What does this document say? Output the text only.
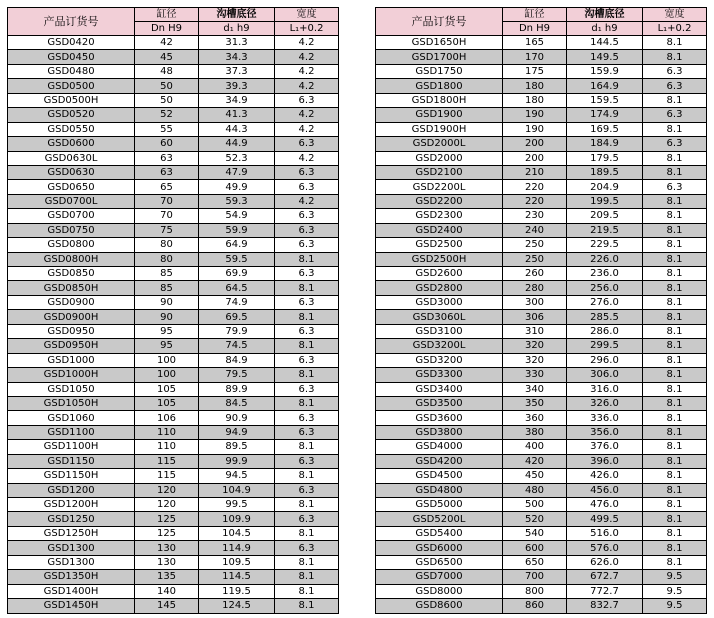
产品订货号	缸径	沟槽底径	宽度
	Dn H9	d₁ h9	L₁+0.2
GSD0420	42	31.3	4.2
GSD0450	45	34.3	4.2
GSD0480	48	37.3	4.2
GSD0500	50	39.3	4.2
GSD0500H	50	34.9	6.3
GSD0520	52	41.3	4.2
GSD0550	55	44.3	4.2
GSD0600	60	44.9	6.3
GSD0630L	63	52.3	4.2
GSD0630	63	47.9	6.3
GSD0650	65	49.9	6.3
GSD0700L	70	59.3	4.2
GSD0700	70	54.9	6.3
GSD0750	75	59.9	6.3
GSD0800	80	64.9	6.3
GSD0800H	80	59.5	8.1
GSD0850	85	69.9	6.3
GSD0850H	85	64.5	8.1
GSD0900	90	74.9	6.3
GSD0900H	90	69.5	8.1
GSD0950	95	79.9	6.3
GSD0950H	95	74.5	8.1
GSD1000	100	84.9	6.3
GSD1000H	100	79.5	8.1
GSD1050	105	89.9	6.3
GSD1050H	105	84.5	8.1
GSD1060	106	90.9	6.3
GSD1100	110	94.9	6.3
GSD1100H	110	89.5	8.1
GSD1150	115	99.9	6.3
GSD1150H	115	94.5	8.1
GSD1200	120	104.9	6.3
GSD1200H	120	99.5	8.1
GSD1250	125	109.9	6.3
GSD1250H	125	104.5	8.1
GSD1300	130	114.9	6.3
GSD1300	130	109.5	8.1
GSD1350H	135	114.5	8.1
GSD1400H	140	119.5	8.1
GSD1450H	145	124.5	8.1
产品订货号	缸径	沟槽底径	宽度
	Dn H9	d₁ h9	L₁+0.2
GSD1650H	165	144.5	8.1
GSD1700H	170	149.5	8.1
GSD1750	175	159.9	6.3
GSD1800	180	164.9	6.3
GSD1800H	180	159.5	8.1
GSD1900	190	174.9	6.3
GSD1900H	190	169.5	8.1
GSD2000L	200	184.9	6.3
GSD2000	200	179.5	8.1
GSD2100	210	189.5	8.1
GSD2200L	220	204.9	6.3
GSD2200	220	199.5	8.1
GSD2300	230	209.5	8.1
GSD2400	240	219.5	8.1
GSD2500	250	229.5	8.1
GSD2500H	250	226.0	8.1
GSD2600	260	236.0	8.1
GSD2800	280	256.0	8.1
GSD3000	300	276.0	8.1
GSD3060L	306	285.5	8.1
GSD3100	310	286.0	8.1
GSD3200L	320	299.5	8.1
GSD3200	320	296.0	8.1
GSD3300	330	306.0	8.1
GSD3400	340	316.0	8.1
GSD3500	350	326.0	8.1
GSD3600	360	336.0	8.1
GSD3800	380	356.0	8.1
GSD4000	400	376.0	8.1
GSD4200	420	396.0	8.1
GSD4500	450	426.0	8.1
GSD4800	480	456.0	8.1
GSD5000	500	476.0	8.1
GSD5200L	520	499.5	8.1
GSD5400	540	516.0	8.1
GSD6000	600	576.0	8.1
GSD6500	650	626.0	8.1
GSD7000	700	672.7	9.5
GSD8000	800	772.7	9.5
GSD8600	860	832.7	9.5
